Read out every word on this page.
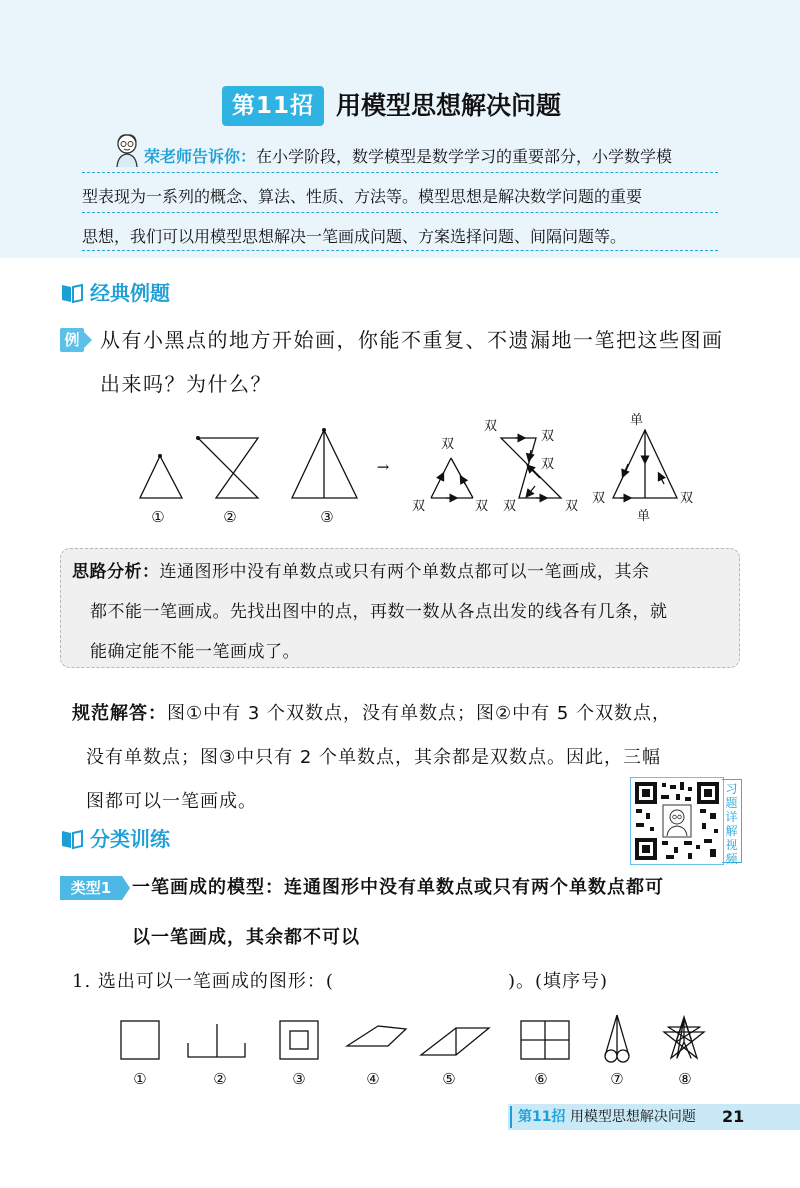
第11招 用模型思想解决问题
荣老师告诉你：在小学阶段，数学模型是数学学习的重要部分，小学数学模
型表现为一系列的概念、算法、性质、方法等。模型思想是解决数学问题的重要
思想，我们可以用模型思想解决一笔画成问题、方案选择问题、间隔问题等。
经典例题
例 从有小黑点的地方开始画，你能不重复、不遗漏地一笔把这些图画
出来吗？为什么？
①	②	③
→
双
双	双
双
双
双
双	双
单
双	双
单
思路分析：连通图形中没有单数点或只有两个单数点都可以一笔画成，其余
都不能一笔画成。先找出图中的点，再数一数从各点出发的线各有几条，就
能确定能不能一笔画成了。
规范解答：图①中有 3 个双数点，没有单数点；图②中有 5 个双数点，
没有单数点；图③中只有 2 个单数点，其余都是双数点。因此，三幅
图都可以一笔画成。
习题详解视频
分类训练
类型1	一笔画成的模型：连通图形中没有单数点或只有两个单数点都可
以一笔画成，其余都不可以
1. 选出可以一笔画成的图形：(	)。(填序号)
①	②	③	④	⑤	⑥	⑦	⑧
第11招 用模型思想解决问题 21
